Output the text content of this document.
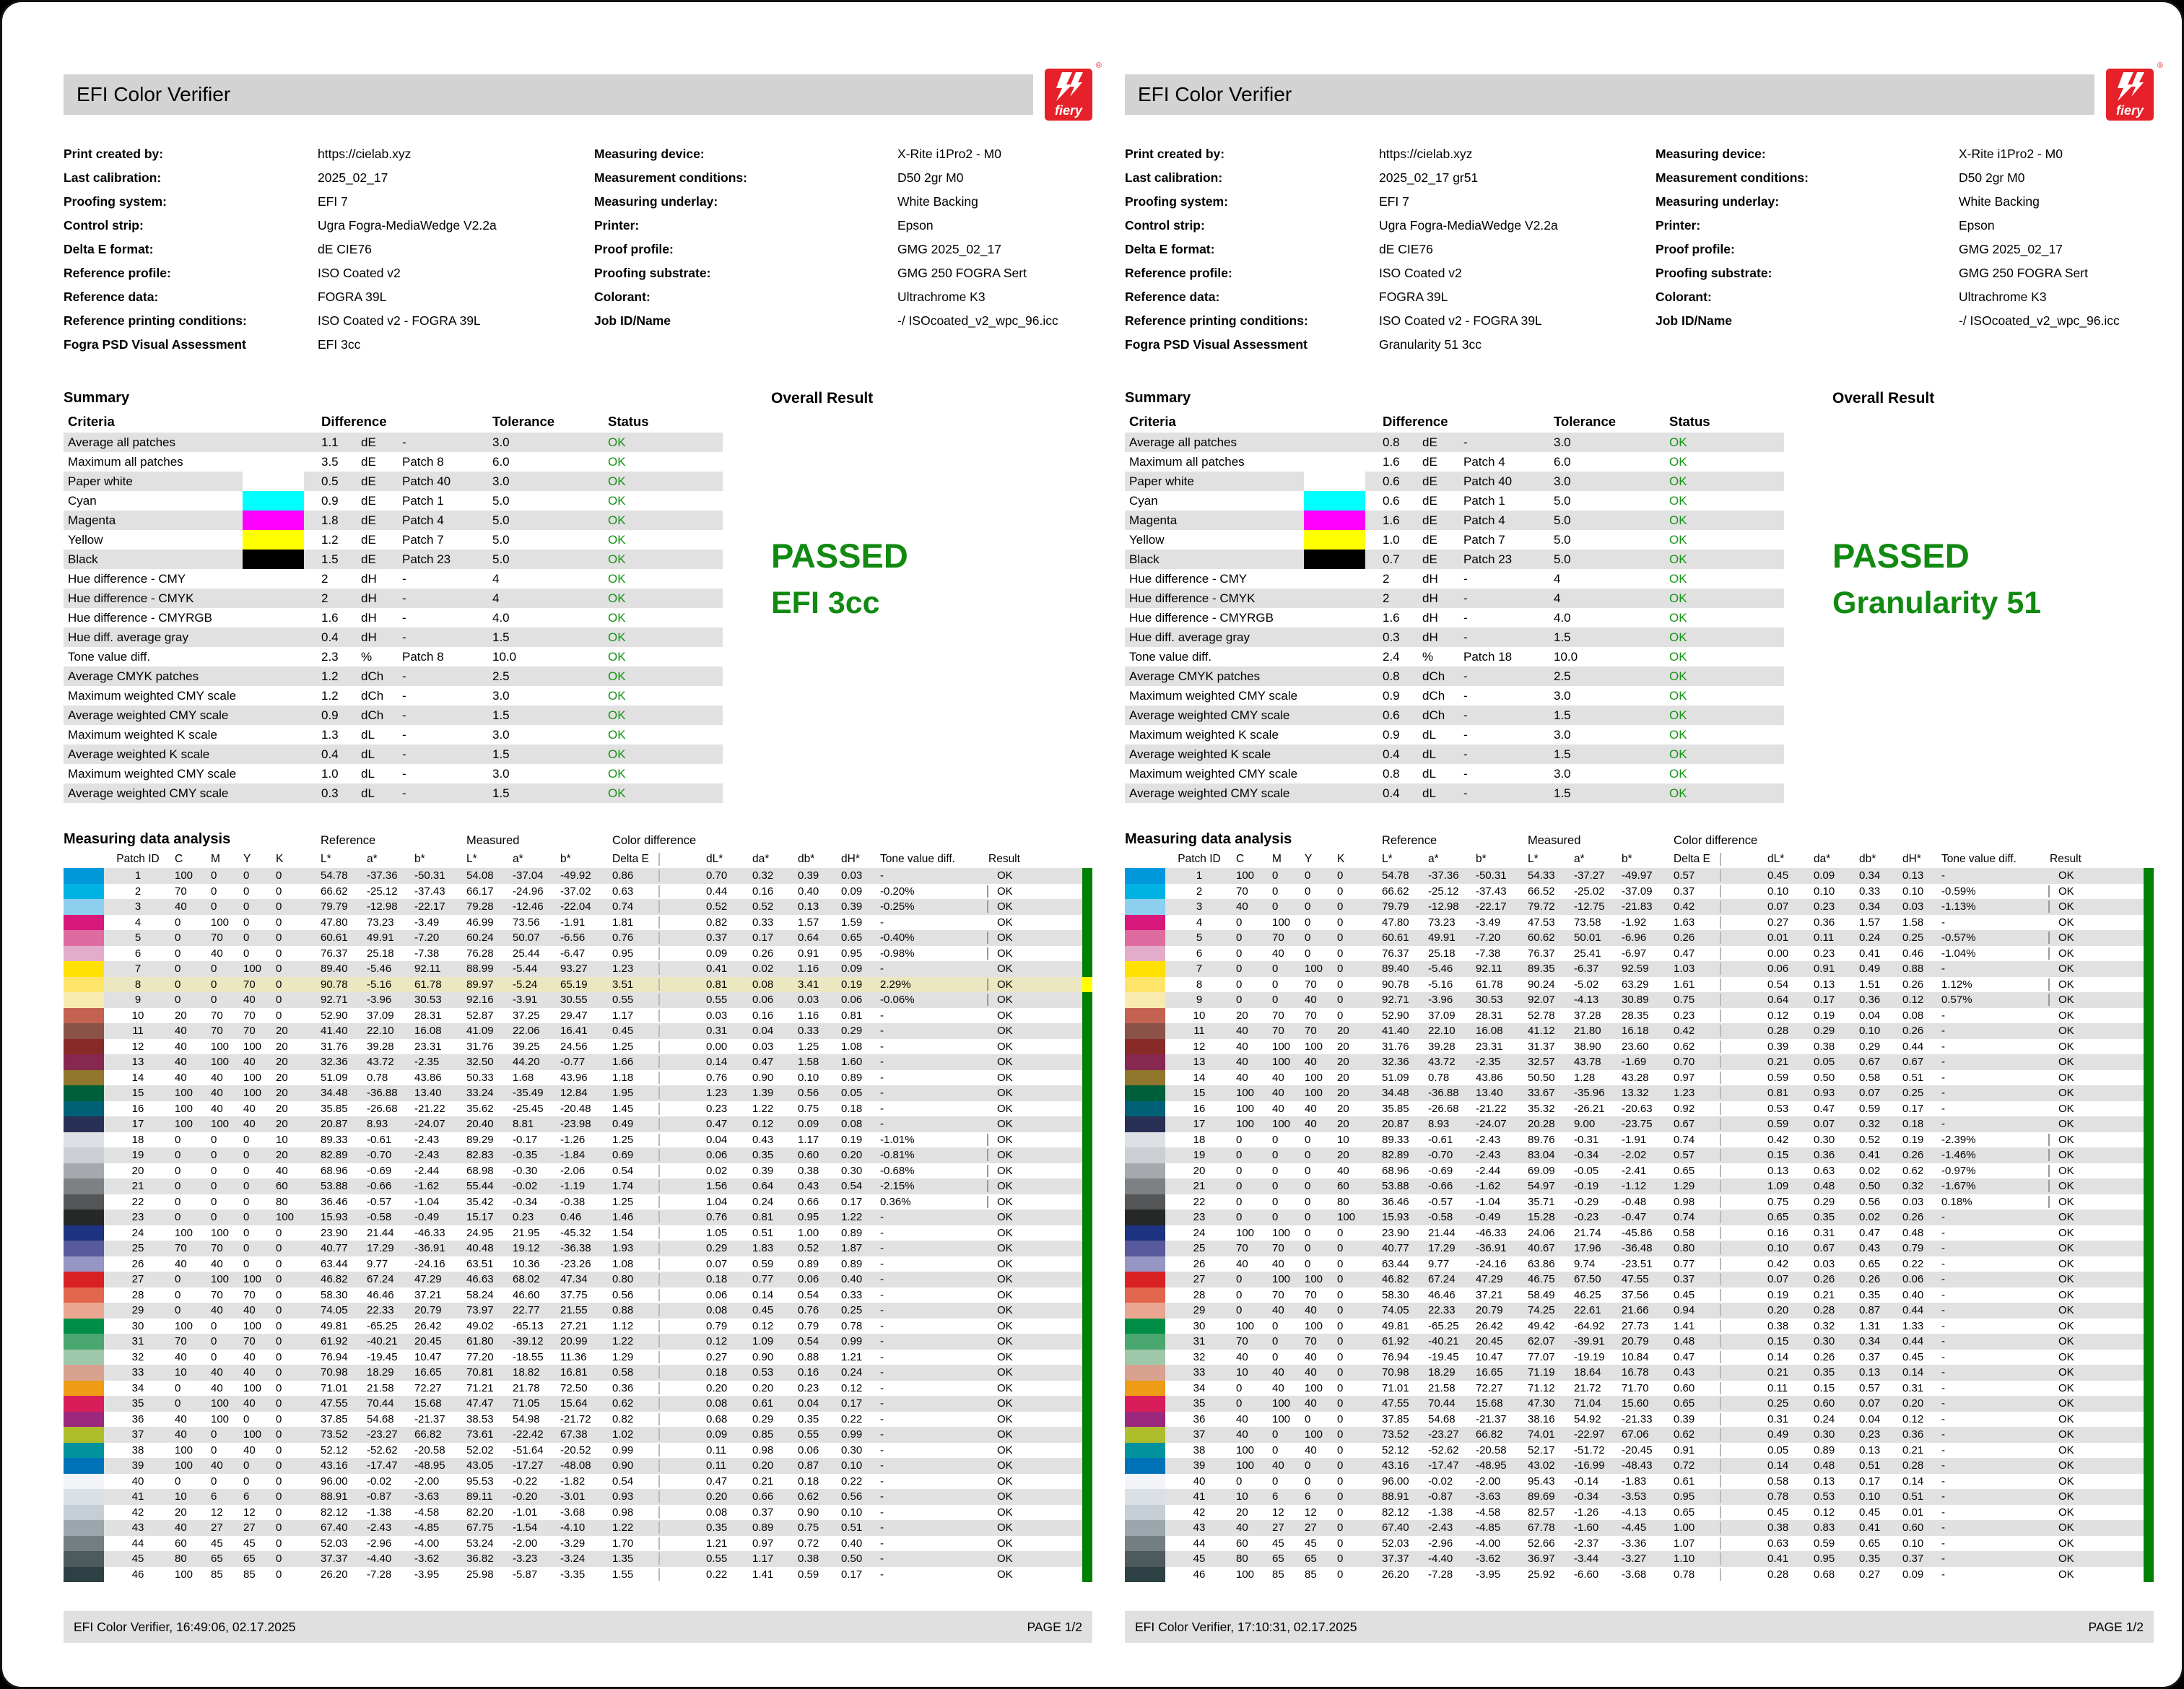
EFI Color Verifier
fiery
®
Print created by:	https://cielab.xyz
Last calibration:	2025_02_17
Proofing system:	EFI 7
Control strip:	Ugra Fogra-MediaWedge V2.2a
Delta E format:	dE CIE76
Reference profile:	ISO Coated v2
Reference data:	FOGRA 39L
Reference printing conditions:	ISO Coated v2 - FOGRA 39L
Fogra PSD Visual Assessment	EFI 3cc
Measuring device:	X-Rite i1Pro2 - M0
Measurement conditions:	D50 2gr M0
Measuring underlay:	White Backing
Printer:	Epson
Proof profile:	GMG 2025_02_17
Proofing substrate:	GMG 250 FOGRA Sert
Colorant:	Ultrachrome K3
Job ID/Name	-/ ISOcoated_v2_wpc_96.icc
Summary
Criteria	Difference	Tolerance	Status
Average all patches	1.1	dE	-	3.0	OK
Maximum all patches	3.5	dE	Patch 8	6.0	OK
Paper white	0.5	dE	Patch 40	3.0	OK
Cyan	0.9	dE	Patch 1	5.0	OK
Magenta	1.8	dE	Patch 4	5.0	OK
Yellow	1.2	dE	Patch 7	5.0	OK
Black	1.5	dE	Patch 23	5.0	OK
Hue difference - CMY	2	dH	-	4	OK
Hue difference - CMYK	2	dH	-	4	OK
Hue difference - CMYRGB	1.6	dH	-	4.0	OK
Hue diff. average gray	0.4	dH	-	1.5	OK
Tone value diff.	2.3	%	Patch 8	10.0	OK
Average CMYK patches	1.2	dCh	-	2.5	OK
Maximum weighted CMY scale	1.2	dCh	-	3.0	OK
Average weighted CMY scale	0.9	dCh	-	1.5	OK
Maximum weighted K scale	1.3	dL	-	3.0	OK
Average weighted K scale	0.4	dL	-	1.5	OK
Maximum weighted CMY scale	1.0	dL	-	3.0	OK
Average weighted CMY scale	0.3	dL	-	1.5	OK
Overall Result
PASSED
EFI 3cc
Measuring data analysis	Reference	Measured	Color difference
Patch ID	C	M	Y	K	L*	a*	b*	L*	a*	b*	Delta E	dL*	da*	db*	dH*	Tone value diff.	Result
1	100	0	0	0	54.78	-37.36	-50.31	54.08	-37.04	-49.92	0.86	0.70	0.32	0.39	0.03	-	OK
2	70	0	0	0	66.62	-25.12	-37.43	66.17	-24.96	-37.02	0.63	0.44	0.16	0.40	0.09	-0.20%	OK
3	40	0	0	0	79.79	-12.98	-22.17	79.28	-12.46	-22.04	0.74	0.52	0.52	0.13	0.39	-0.25%	OK
4	0	100	0	0	47.80	73.23	-3.49	46.99	73.56	-1.91	1.81	0.82	0.33	1.57	1.59	-	OK
5	0	70	0	0	60.61	49.91	-7.20	60.24	50.07	-6.56	0.76	0.37	0.17	0.64	0.65	-0.40%	OK
6	0	40	0	0	76.37	25.18	-7.38	76.28	25.44	-6.47	0.95	0.09	0.26	0.91	0.95	-0.98%	OK
7	0	0	100	0	89.40	-5.46	92.11	88.99	-5.44	93.27	1.23	0.41	0.02	1.16	0.09	-	OK
8	0	0	70	0	90.78	-5.16	61.78	89.97	-5.24	65.19	3.51	0.81	0.08	3.41	0.19	2.29%	OK
9	0	0	40	0	92.71	-3.96	30.53	92.16	-3.91	30.55	0.55	0.55	0.06	0.03	0.06	-0.06%	OK
10	20	70	70	0	52.90	37.09	28.31	52.87	37.25	29.47	1.17	0.03	0.16	1.16	0.81	-	OK
11	40	70	70	20	41.40	22.10	16.08	41.09	22.06	16.41	0.45	0.31	0.04	0.33	0.29	-	OK
12	40	100	100	20	31.76	39.28	23.31	31.76	39.25	24.56	1.25	0.00	0.03	1.25	1.08	-	OK
13	40	100	40	20	32.36	43.72	-2.35	32.50	44.20	-0.77	1.66	0.14	0.47	1.58	1.60	-	OK
14	40	40	100	20	51.09	0.78	43.86	50.33	1.68	43.96	1.18	0.76	0.90	0.10	0.89	-	OK
15	100	40	100	20	34.48	-36.88	13.40	33.24	-35.49	12.84	1.95	1.23	1.39	0.56	0.05	-	OK
16	100	40	40	20	35.85	-26.68	-21.22	35.62	-25.45	-20.48	1.45	0.23	1.22	0.75	0.18	-	OK
17	100	100	40	20	20.87	8.93	-24.07	20.40	8.81	-23.98	0.49	0.47	0.12	0.09	0.08	-	OK
18	0	0	0	10	89.33	-0.61	-2.43	89.29	-0.17	-1.26	1.25	0.04	0.43	1.17	0.19	-1.01%	OK
19	0	0	0	20	82.89	-0.70	-2.43	82.83	-0.35	-1.84	0.69	0.06	0.35	0.60	0.20	-0.81%	OK
20	0	0	0	40	68.96	-0.69	-2.44	68.98	-0.30	-2.06	0.54	0.02	0.39	0.38	0.30	-0.68%	OK
21	0	0	0	60	53.88	-0.66	-1.62	55.44	-0.02	-1.19	1.74	1.56	0.64	0.43	0.54	-2.15%	OK
22	0	0	0	80	36.46	-0.57	-1.04	35.42	-0.34	-0.38	1.25	1.04	0.24	0.66	0.17	0.36%	OK
23	0	0	0	100	15.93	-0.58	-0.49	15.17	0.23	0.46	1.46	0.76	0.81	0.95	1.22	-	OK
24	100	100	0	0	23.90	21.44	-46.33	24.95	21.95	-45.32	1.54	1.05	0.51	1.00	0.89	-	OK
25	70	70	0	0	40.77	17.29	-36.91	40.48	19.12	-36.38	1.93	0.29	1.83	0.52	1.87	-	OK
26	40	40	0	0	63.44	9.77	-24.16	63.51	10.36	-23.26	1.08	0.07	0.59	0.89	0.89	-	OK
27	0	100	100	0	46.82	67.24	47.29	46.63	68.02	47.34	0.80	0.18	0.77	0.06	0.40	-	OK
28	0	70	70	0	58.30	46.46	37.21	58.24	46.60	37.75	0.56	0.06	0.14	0.54	0.33	-	OK
29	0	40	40	0	74.05	22.33	20.79	73.97	22.77	21.55	0.88	0.08	0.45	0.76	0.25	-	OK
30	100	0	100	0	49.81	-65.25	26.42	49.02	-65.13	27.21	1.12	0.79	0.12	0.79	0.78	-	OK
31	70	0	70	0	61.92	-40.21	20.45	61.80	-39.12	20.99	1.22	0.12	1.09	0.54	0.99	-	OK
32	40	0	40	0	76.94	-19.45	10.47	77.20	-18.55	11.36	1.29	0.27	0.90	0.88	1.21	-	OK
33	10	40	40	0	70.98	18.29	16.65	70.81	18.82	16.81	0.58	0.18	0.53	0.16	0.24	-	OK
34	0	40	100	0	71.01	21.58	72.27	71.21	21.78	72.50	0.36	0.20	0.20	0.23	0.12	-	OK
35	0	100	40	0	47.55	70.44	15.68	47.47	71.05	15.64	0.62	0.08	0.61	0.04	0.17	-	OK
36	40	100	0	0	37.85	54.68	-21.37	38.53	54.98	-21.72	0.82	0.68	0.29	0.35	0.22	-	OK
37	40	0	100	0	73.52	-23.27	66.82	73.61	-22.42	67.38	1.02	0.09	0.85	0.55	0.99	-	OK
38	100	0	40	0	52.12	-52.62	-20.58	52.02	-51.64	-20.52	0.99	0.11	0.98	0.06	0.30	-	OK
39	100	40	0	0	43.16	-17.47	-48.95	43.05	-17.27	-48.08	0.90	0.11	0.20	0.87	0.10	-	OK
40	0	0	0	0	96.00	-0.02	-2.00	95.53	-0.22	-1.82	0.54	0.47	0.21	0.18	0.22	-	OK
41	10	6	6	0	88.91	-0.87	-3.63	89.11	-0.20	-3.01	0.93	0.20	0.66	0.62	0.56	-	OK
42	20	12	12	0	82.12	-1.38	-4.58	82.20	-1.01	-3.68	0.98	0.08	0.37	0.90	0.10	-	OK
43	40	27	27	0	67.40	-2.43	-4.85	67.75	-1.54	-4.10	1.22	0.35	0.89	0.75	0.51	-	OK
44	60	45	45	0	52.03	-2.96	-4.00	53.24	-2.00	-3.29	1.70	1.21	0.97	0.72	0.40	-	OK
45	80	65	65	0	37.37	-4.40	-3.62	36.82	-3.23	-3.24	1.35	0.55	1.17	0.38	0.50	-	OK
46	100	85	85	0	26.20	-7.28	-3.95	25.98	-5.87	-3.35	1.55	0.22	1.41	0.59	0.17	-	OK
EFI Color Verifier, 16:49:06, 02.17.2025	PAGE 1/2
EFI Color Verifier
fiery
®
Print created by:	https://cielab.xyz
Last calibration:	2025_02_17 gr51
Proofing system:	EFI 7
Control strip:	Ugra Fogra-MediaWedge V2.2a
Delta E format:	dE CIE76
Reference profile:	ISO Coated v2
Reference data:	FOGRA 39L
Reference printing conditions:	ISO Coated v2 - FOGRA 39L
Fogra PSD Visual Assessment	Granularity 51 3cc
Measuring device:	X-Rite i1Pro2 - M0
Measurement conditions:	D50 2gr M0
Measuring underlay:	White Backing
Printer:	Epson
Proof profile:	GMG 2025_02_17
Proofing substrate:	GMG 250 FOGRA Sert
Colorant:	Ultrachrome K3
Job ID/Name	-/ ISOcoated_v2_wpc_96.icc
Summary
Criteria	Difference	Tolerance	Status
Average all patches	0.8	dE	-	3.0	OK
Maximum all patches	1.6	dE	Patch 4	6.0	OK
Paper white	0.6	dE	Patch 40	3.0	OK
Cyan	0.6	dE	Patch 1	5.0	OK
Magenta	1.6	dE	Patch 4	5.0	OK
Yellow	1.0	dE	Patch 7	5.0	OK
Black	0.7	dE	Patch 23	5.0	OK
Hue difference - CMY	2	dH	-	4	OK
Hue difference - CMYK	2	dH	-	4	OK
Hue difference - CMYRGB	1.6	dH	-	4.0	OK
Hue diff. average gray	0.3	dH	-	1.5	OK
Tone value diff.	2.4	%	Patch 18	10.0	OK
Average CMYK patches	0.8	dCh	-	2.5	OK
Maximum weighted CMY scale	0.9	dCh	-	3.0	OK
Average weighted CMY scale	0.6	dCh	-	1.5	OK
Maximum weighted K scale	0.9	dL	-	3.0	OK
Average weighted K scale	0.4	dL	-	1.5	OK
Maximum weighted CMY scale	0.8	dL	-	3.0	OK
Average weighted CMY scale	0.4	dL	-	1.5	OK
Overall Result
PASSED
Granularity 51
Measuring data analysis	Reference	Measured	Color difference
Patch ID	C	M	Y	K	L*	a*	b*	L*	a*	b*	Delta E	dL*	da*	db*	dH*	Tone value diff.	Result
1	100	0	0	0	54.78	-37.36	-50.31	54.33	-37.27	-49.97	0.57	0.45	0.09	0.34	0.13	-	OK
2	70	0	0	0	66.62	-25.12	-37.43	66.52	-25.02	-37.09	0.37	0.10	0.10	0.33	0.10	-0.59%	OK
3	40	0	0	0	79.79	-12.98	-22.17	79.72	-12.75	-21.83	0.42	0.07	0.23	0.34	0.03	-1.13%	OK
4	0	100	0	0	47.80	73.23	-3.49	47.53	73.58	-1.92	1.63	0.27	0.36	1.57	1.58	-	OK
5	0	70	0	0	60.61	49.91	-7.20	60.62	50.01	-6.96	0.26	0.01	0.11	0.24	0.25	-0.57%	OK
6	0	40	0	0	76.37	25.18	-7.38	76.37	25.41	-6.97	0.47	0.00	0.23	0.41	0.46	-1.04%	OK
7	0	0	100	0	89.40	-5.46	92.11	89.35	-6.37	92.59	1.03	0.06	0.91	0.49	0.88	-	OK
8	0	0	70	0	90.78	-5.16	61.78	90.24	-5.02	63.29	1.61	0.54	0.13	1.51	0.26	1.12%	OK
9	0	0	40	0	92.71	-3.96	30.53	92.07	-4.13	30.89	0.75	0.64	0.17	0.36	0.12	0.57%	OK
10	20	70	70	0	52.90	37.09	28.31	52.78	37.28	28.35	0.23	0.12	0.19	0.04	0.08	-	OK
11	40	70	70	20	41.40	22.10	16.08	41.12	21.80	16.18	0.42	0.28	0.29	0.10	0.26	-	OK
12	40	100	100	20	31.76	39.28	23.31	31.37	38.90	23.60	0.62	0.39	0.38	0.29	0.44	-	OK
13	40	100	40	20	32.36	43.72	-2.35	32.57	43.78	-1.69	0.70	0.21	0.05	0.67	0.67	-	OK
14	40	40	100	20	51.09	0.78	43.86	50.50	1.28	43.28	0.97	0.59	0.50	0.58	0.51	-	OK
15	100	40	100	20	34.48	-36.88	13.40	33.67	-35.96	13.32	1.23	0.81	0.93	0.07	0.25	-	OK
16	100	40	40	20	35.85	-26.68	-21.22	35.32	-26.21	-20.63	0.92	0.53	0.47	0.59	0.17	-	OK
17	100	100	40	20	20.87	8.93	-24.07	20.28	9.00	-23.75	0.67	0.59	0.07	0.32	0.18	-	OK
18	0	0	0	10	89.33	-0.61	-2.43	89.76	-0.31	-1.91	0.74	0.42	0.30	0.52	0.19	-2.39%	OK
19	0	0	0	20	82.89	-0.70	-2.43	83.04	-0.34	-2.02	0.57	0.15	0.36	0.41	0.26	-1.46%	OK
20	0	0	0	40	68.96	-0.69	-2.44	69.09	-0.05	-2.41	0.65	0.13	0.63	0.02	0.62	-0.97%	OK
21	0	0	0	60	53.88	-0.66	-1.62	54.97	-0.19	-1.12	1.29	1.09	0.48	0.50	0.32	-1.67%	OK
22	0	0	0	80	36.46	-0.57	-1.04	35.71	-0.29	-0.48	0.98	0.75	0.29	0.56	0.03	0.18%	OK
23	0	0	0	100	15.93	-0.58	-0.49	15.28	-0.23	-0.47	0.74	0.65	0.35	0.02	0.26	-	OK
24	100	100	0	0	23.90	21.44	-46.33	24.06	21.74	-45.86	0.58	0.16	0.31	0.47	0.48	-	OK
25	70	70	0	0	40.77	17.29	-36.91	40.67	17.96	-36.48	0.80	0.10	0.67	0.43	0.79	-	OK
26	40	40	0	0	63.44	9.77	-24.16	63.86	9.74	-23.51	0.77	0.42	0.03	0.65	0.22	-	OK
27	0	100	100	0	46.82	67.24	47.29	46.75	67.50	47.55	0.37	0.07	0.26	0.26	0.06	-	OK
28	0	70	70	0	58.30	46.46	37.21	58.49	46.25	37.56	0.45	0.19	0.21	0.35	0.40	-	OK
29	0	40	40	0	74.05	22.33	20.79	74.25	22.61	21.66	0.94	0.20	0.28	0.87	0.44	-	OK
30	100	0	100	0	49.81	-65.25	26.42	49.42	-64.92	27.73	1.41	0.38	0.32	1.31	1.33	-	OK
31	70	0	70	0	61.92	-40.21	20.45	62.07	-39.91	20.79	0.48	0.15	0.30	0.34	0.44	-	OK
32	40	0	40	0	76.94	-19.45	10.47	77.07	-19.19	10.84	0.47	0.14	0.26	0.37	0.45	-	OK
33	10	40	40	0	70.98	18.29	16.65	71.19	18.64	16.78	0.43	0.21	0.35	0.13	0.14	-	OK
34	0	40	100	0	71.01	21.58	72.27	71.12	21.72	71.70	0.60	0.11	0.15	0.57	0.31	-	OK
35	0	100	40	0	47.55	70.44	15.68	47.30	71.04	15.60	0.65	0.25	0.60	0.07	0.20	-	OK
36	40	100	0	0	37.85	54.68	-21.37	38.16	54.92	-21.33	0.39	0.31	0.24	0.04	0.12	-	OK
37	40	0	100	0	73.52	-23.27	66.82	74.01	-22.97	67.06	0.62	0.49	0.30	0.23	0.36	-	OK
38	100	0	40	0	52.12	-52.62	-20.58	52.17	-51.72	-20.45	0.91	0.05	0.89	0.13	0.21	-	OK
39	100	40	0	0	43.16	-17.47	-48.95	43.02	-16.99	-48.43	0.72	0.14	0.48	0.51	0.28	-	OK
40	0	0	0	0	96.00	-0.02	-2.00	95.43	-0.14	-1.83	0.61	0.58	0.13	0.17	0.14	-	OK
41	10	6	6	0	88.91	-0.87	-3.63	89.69	-0.34	-3.53	0.95	0.78	0.53	0.10	0.51	-	OK
42	20	12	12	0	82.12	-1.38	-4.58	82.57	-1.26	-4.13	0.65	0.45	0.12	0.45	0.01	-	OK
43	40	27	27	0	67.40	-2.43	-4.85	67.78	-1.60	-4.45	1.00	0.38	0.83	0.41	0.60	-	OK
44	60	45	45	0	52.03	-2.96	-4.00	52.66	-2.37	-3.36	1.07	0.63	0.59	0.65	0.10	-	OK
45	80	65	65	0	37.37	-4.40	-3.62	36.97	-3.44	-3.27	1.10	0.41	0.95	0.35	0.37	-	OK
46	100	85	85	0	26.20	-7.28	-3.95	25.92	-6.60	-3.68	0.78	0.28	0.68	0.27	0.09	-	OK
EFI Color Verifier, 17:10:31, 02.17.2025	PAGE 1/2
